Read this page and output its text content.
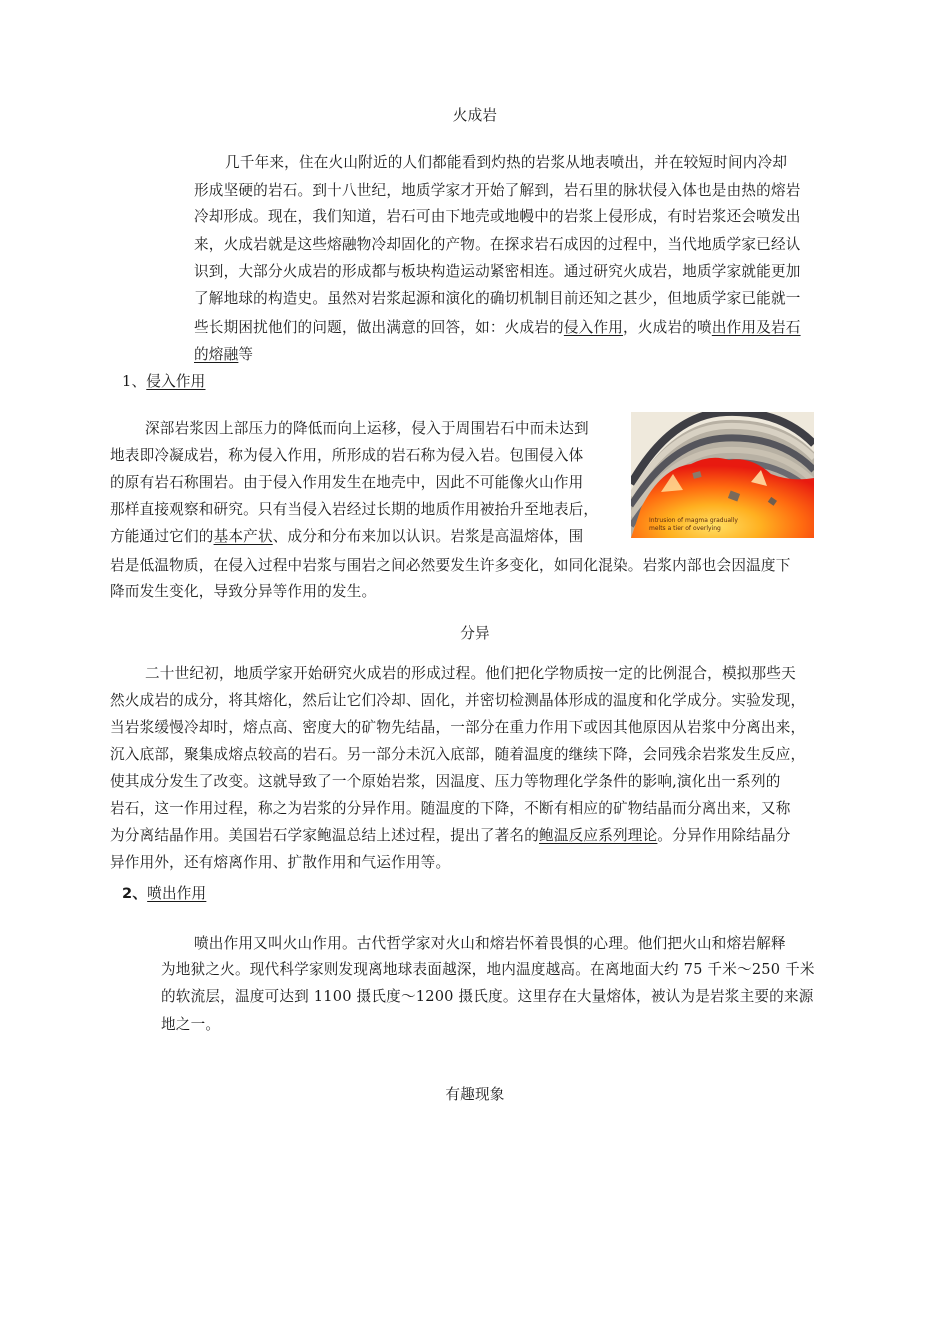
火成岩
几千年来，住在火山附近的人们都能看到灼热的岩浆从地表喷出，并在较短时间内冷却
形成坚硬的岩石。到十八世纪，地质学家才开始了解到，岩石里的脉状侵入体也是由热的熔岩
冷却形成。现在，我们知道，岩石可由下地壳或地幔中的岩浆上侵形成，有时岩浆还会喷发出
来，火成岩就是这些熔融物冷却固化的产物。在探求岩石成因的过程中，当代地质学家已经认
识到，大部分火成岩的形成都与板块构造运动紧密相连。通过研究火成岩，地质学家就能更加
了解地球的构造史。虽然对岩浆起源和演化的确切机制目前还知之甚少，但地质学家已能就一
些长期困扰他们的问题，做出满意的回答，如：火成岩的侵入作用，火成岩的喷出作用及岩石
的熔融等
1、侵入作用
深部岩浆因上部压力的降低而向上运移，侵入于周围岩石中而未达到
地表即冷凝成岩，称为侵入作用，所形成的岩石称为侵入岩。包围侵入体
的原有岩石称围岩。由于侵入作用发生在地壳中，因此不可能像火山作用
那样直接观察和研究。只有当侵入岩经过长期的地质作用被抬升至地表后，
方能通过它们的基本产状、成分和分布来加以认识。岩浆是高温熔体，围
岩是低温物质，在侵入过程中岩浆与围岩之间必然要发生许多变化，如同化混染。岩浆内部也会因温度下
降而发生变化，导致分异等作用的发生。
Intrusion of magma gradually
melts a tier of overlying
分异
二十世纪初，地质学家开始研究火成岩的形成过程。他们把化学物质按一定的比例混合，模拟那些天
然火成岩的成分，将其熔化，然后让它们冷却、固化，并密切检测晶体形成的温度和化学成分。实验发现，
当岩浆缓慢冷却时，熔点高、密度大的矿物先结晶，一部分在重力作用下或因其他原因从岩浆中分离出来，
沉入底部，聚集成熔点较高的岩石。另一部分未沉入底部，随着温度的继续下降，会同残余岩浆发生反应，
使其成分发生了改变。这就导致了一个原始岩浆，因温度、压力等物理化学条件的影响,演化出一系列的
岩石，这一作用过程，称之为岩浆的分异作用。随温度的下降，不断有相应的矿物结晶而分离出来，又称
为分离结晶作用。美国岩石学家鲍温总结上述过程，提出了著名的鲍温反应系列理论。分异作用除结晶分
异作用外，还有熔离作用、扩散作用和气运作用等。
2、喷出作用
喷出作用又叫火山作用。古代哲学家对火山和熔岩怀着畏惧的心理。他们把火山和熔岩解释
为地狱之火。现代科学家则发现离地球表面越深，地内温度越高。在离地面大约 75 千米～250 千米
的软流层，温度可达到 1100 摄氏度～1200 摄氏度。这里存在大量熔体，被认为是岩浆主要的来源
地之一。
有趣现象
